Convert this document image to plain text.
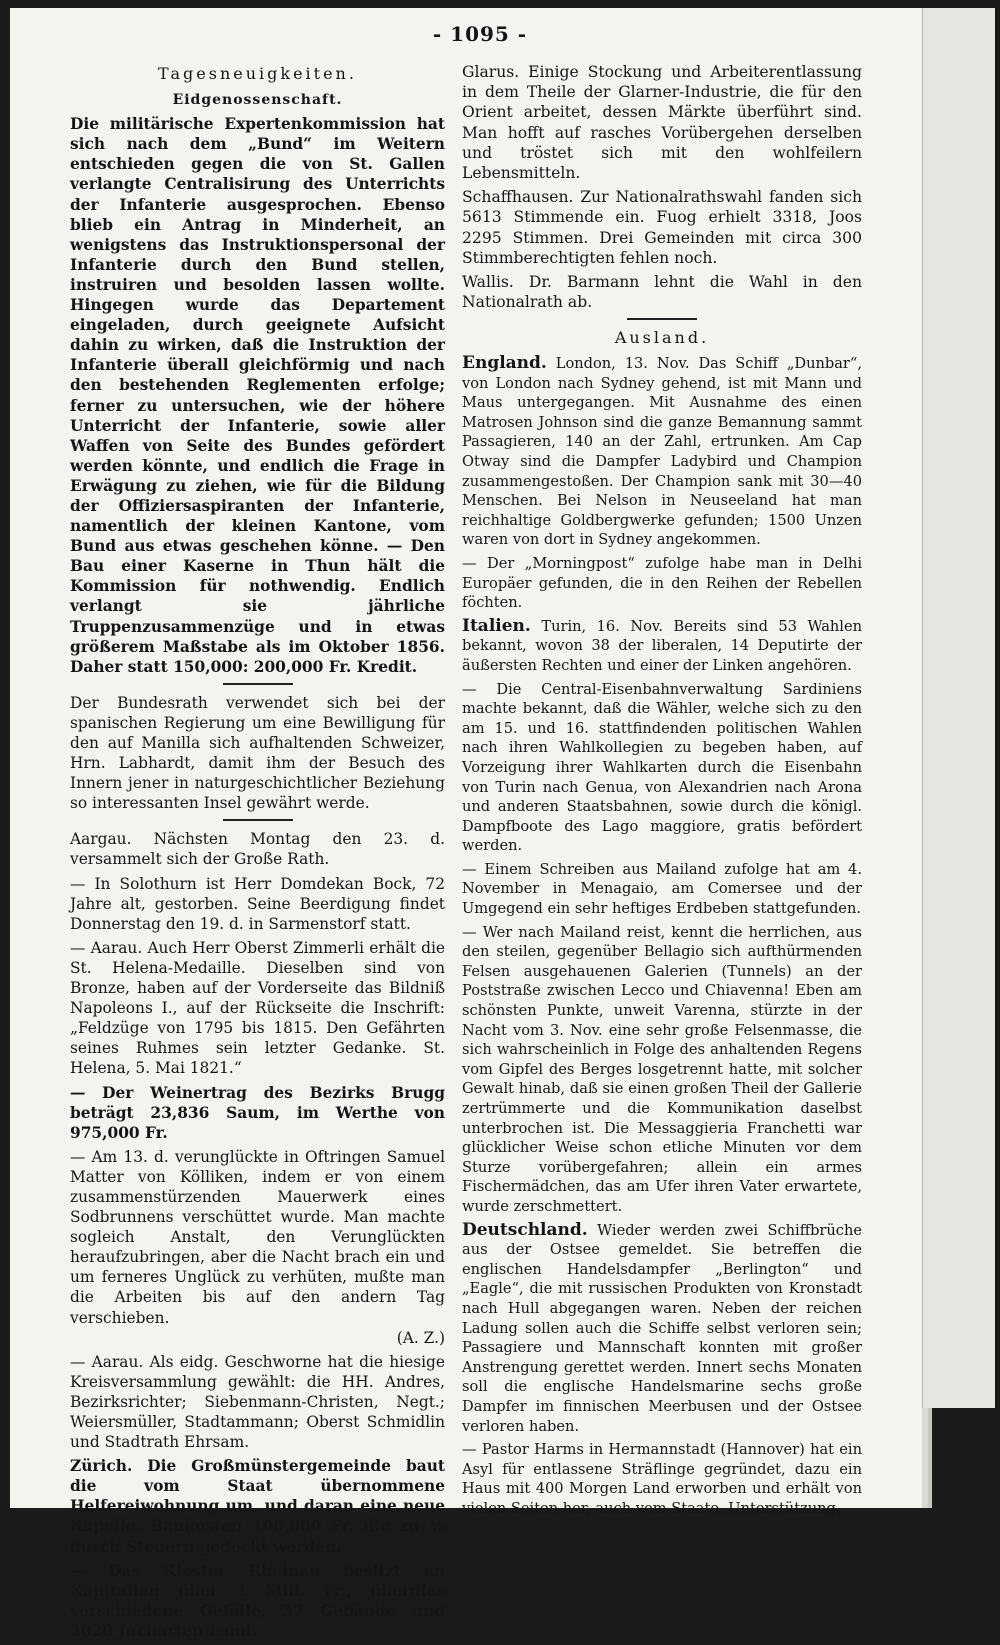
- 1095 -
Tagesneuigkeiten.
Eidgenossenschaft.

Die militärische Expertenkommission hat sich nach dem „Bund“ im Weitern entschieden gegen die von St. Gallen verlangte Centralisirung des Unterrichts der Infanterie ausgesprochen. Ebenso blieb ein Antrag in Minderheit, an wenigstens das Instruktionspersonal der Infanterie durch den Bund stellen, instruiren und besolden lassen wollte. Hingegen wurde das Departement eingeladen, durch geeignete Aufsicht dahin zu wirken, daß die Instruktion der Infanterie überall gleichförmig und nach den bestehenden Reglementen erfolge; ferner zu untersuchen, wie der höhere Unterricht der Infanterie, sowie aller Waffen von Seite des Bundes gefördert werden könnte, und endlich die Frage in Erwägung zu ziehen, wie für die Bildung der Offiziersaspiranten der Infanterie, namentlich der kleinen Kantone, vom Bund aus etwas geschehen könne. — Den Bau einer Kaserne in Thun hält die Kommission für nothwendig. Endlich verlangt sie jährliche Truppenzusammenzüge und in etwas größerem Maßstabe als im Oktober 1856. Daher statt 150,000: 200,000 Fr. Kredit.

Der Bundesrath verwendet sich bei der spanischen Regierung um eine Bewilligung für den auf Manilla sich aufhaltenden Schweizer, Hrn. Labhardt, damit ihm der Besuch des Innern jener in naturgeschichtlicher Beziehung so interessanten Insel gewährt werde.

Aargau. Nächsten Montag den 23. d. versammelt sich der Große Rath.

— In Solothurn ist Herr Domdekan Bock, 72 Jahre alt, gestorben. Seine Beerdigung findet Donnerstag den 19. d. in Sarmenstorf statt.

— Aarau. Auch Herr Oberst Zimmerli erhält die St. Helena-Medaille. Dieselben sind von Bronze, haben auf der Vorderseite das Bildniß Napoleons I., auf der Rückseite die Inschrift: „Feldzüge von 1795 bis 1815. Den Gefährten seines Ruhmes sein letzter Gedanke. St. Helena, 5. Mai 1821.“

— Der Weinertrag des Bezirks Brugg beträgt 23,836 Saum, im Werthe von 975,000 Fr.

— Am 13. d. verunglückte in Oftringen Samuel Matter von Kölliken, indem er von einem zusammenstürzenden Mauerwerk eines Sodbrunnens verschüttet wurde. Man machte sogleich Anstalt, den Verunglückten heraufzubringen, aber die Nacht brach ein und um ferneres Unglück zu verhüten, mußte man die Arbeiten bis auf den andern Tag verschieben.

(A. Z.)

— Aarau. Als eidg. Geschworne hat die hiesige Kreisversammlung gewählt: die HH. Andres, Bezirksrichter; Siebenmann-Christen, Negt.; Weiersmüller, Stadtammann; Oberst Schmidlin und Stadtrath Ehrsam.

Zürich. Die Großmünstergemeinde baut die vom Staat übernommene Helfereiwohnung um, und daran eine neue Kapelle. Baukosten 100,000 Fr. die zu ⅘ durch Steuern gedeckt werden.

— Das Kloster Rheinau besitzt an Kapitalien über 1 Mill. Fr., überdies verschiedene Gefälle, 37 Gebäude und 2020 Jucharten Land.

Glarus. Einige Stockung und Arbeiterentlassung in dem Theile der Glarner-Industrie, die für den Orient arbeitet, dessen Märkte überführt sind. Man hofft auf rasches Vorübergehen derselben und tröstet sich mit den wohlfeilern Lebensmitteln.

Schaffhausen. Zur Nationalrathswahl fanden sich 5613 Stimmende ein. Fuog erhielt 3318, Joos 2295 Stimmen. Drei Gemeinden mit circa 300 Stimmberechtigten fehlen noch.

Wallis. Dr. Barmann lehnt die Wahl in den Nationalrath ab.

Ausland.

England. London, 13. Nov. Das Schiff „Dunbar“, von London nach Sydney gehend, ist mit Mann und Maus untergegangen. Mit Ausnahme des einen Matrosen Johnson sind die ganze Bemannung sammt Passagieren, 140 an der Zahl, ertrunken. Am Cap Otway sind die Dampfer Ladybird und Champion zusammengestoßen. Der Champion sank mit 30—40 Menschen. Bei Nelson in Neuseeland hat man reichhaltige Goldbergwerke gefunden; 1500 Unzen waren von dort in Sydney angekommen.

— Der „Morningpost“ zufolge habe man in Delhi Europäer gefunden, die in den Reihen der Rebellen föchten.

Italien. Turin, 16. Nov. Bereits sind 53 Wahlen bekannt, wovon 38 der liberalen, 14 Deputirte der äußersten Rechten und einer der Linken angehören.

— Die Central-Eisenbahnverwaltung Sardiniens machte bekannt, daß die Wähler, welche sich zu den am 15. und 16. stattfindenden politischen Wahlen nach ihren Wahlkollegien zu begeben haben, auf Vorzeigung ihrer Wahlkarten durch die Eisenbahn von Turin nach Genua, von Alexandrien nach Arona und anderen Staatsbahnen, sowie durch die königl. Dampfboote des Lago maggiore, gratis befördert werden.

— Einem Schreiben aus Mailand zufolge hat am 4. November in Menagaio, am Comersee und der Umgegend ein sehr heftiges Erdbeben stattgefunden.

— Wer nach Mailand reist, kennt die herrlichen, aus den steilen, gegenüber Bellagio sich aufthürmenden Felsen ausgehauenen Galerien (Tunnels) an der Poststraße zwischen Lecco und Chiavenna! Eben am schönsten Punkte, unweit Varenna, stürzte in der Nacht vom 3. Nov. eine sehr große Felsenmasse, die sich wahrscheinlich in Folge des anhaltenden Regens vom Gipfel des Berges losgetrennt hatte, mit solcher Gewalt hinab, daß sie einen großen Theil der Gallerie zertrümmerte und die Kommunikation daselbst unterbrochen ist. Die Messaggieria Franchetti war glücklicher Weise schon etliche Minuten vor dem Sturze vorübergefahren; allein ein armes Fischermädchen, das am Ufer ihren Vater erwartete, wurde zerschmettert.

Deutschland. Wieder werden zwei Schiffbrüche aus der Ostsee gemeldet. Sie betreffen die englischen Handelsdampfer „Berlington“ und „Eagle“, die mit russischen Produkten von Kronstadt nach Hull abgegangen waren. Neben der reichen Ladung sollen auch die Schiffe selbst verloren sein; Passagiere und Mannschaft konnten mit großer Anstrengung gerettet werden. Innert sechs Monaten soll die englische Handelsmarine sechs große Dampfer im finnischen Meerbusen und der Ostsee verloren haben.

— Pastor Harms in Hermannstadt (Hannover) hat ein Asyl für entlassene Sträflinge gegründet, dazu ein Haus mit 400 Morgen Land erworben und erhält von vielen Seiten her, auch vom Staate, Unterstützung.
